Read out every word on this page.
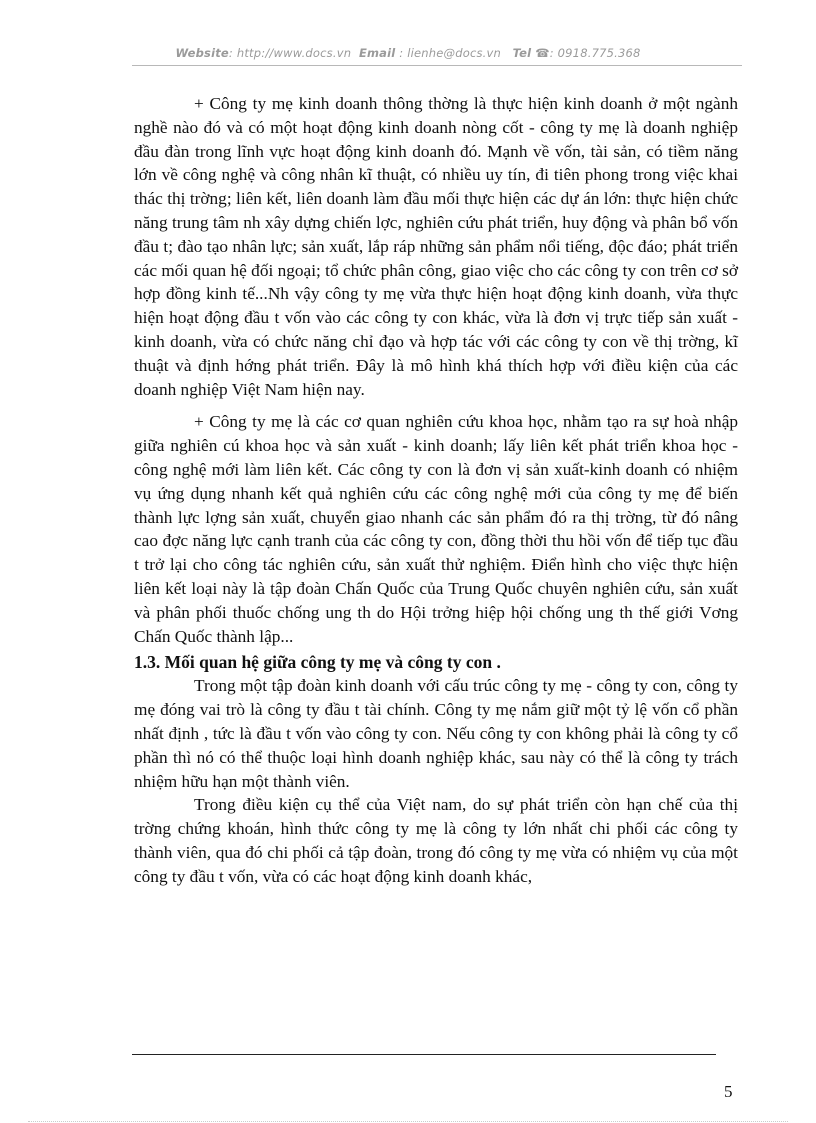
Website: http://www.docs.vn Email : lienhe@docs.vn Tel ☎: 0918.775.368

+ Công ty mẹ kinh doanh thông thờng là thực hiện kinh doanh ở một ngành nghề nào đó và có một hoạt động kinh doanh nòng cốt - công ty mẹ là doanh nghiệp đầu đàn trong lĩnh vực hoạt động kinh doanh đó. Mạnh về vốn, tài sản, có tiềm năng lớn về công nghệ và công nhân kĩ thuật, có nhiều uy tín, đi tiên phong trong việc khai thác thị trờng; liên kết, liên doanh làm đầu mối thực hiện các dự án lớn: thực hiện chức năng trung tâm nh xây dựng chiến lợc, nghiên cứu phát triển, huy động và phân bổ vốn đầu t; đào tạo nhân lực; sản xuất, lắp ráp những sản phẩm nổi tiếng, độc đáo; phát triển các mối quan hệ đối ngoại; tổ chức phân công, giao việc cho các công ty con trên cơ sở hợp đồng kinh tế...Nh vậy công ty mẹ vừa thực hiện hoạt động kinh doanh, vừa thực hiện hoạt động đầu t vốn vào các công ty con khác, vừa là đơn vị trực tiếp sản xuất - kinh doanh, vừa có chức năng chỉ đạo và hợp tác với các công ty con về thị trờng, kĩ thuật và định hớng phát triển. Đây là mô hình khá thích hợp với điều kiện của các doanh nghiệp Việt Nam hiện nay.

+ Công ty mẹ là các cơ quan nghiên cứu khoa học, nhằm tạo ra sự hoà nhập giữa nghiên cú khoa học và sản xuất - kinh doanh; lấy liên kết phát triển khoa học - công nghệ mới làm liên kết. Các công ty con là đơn vị sản xuất-kinh doanh có nhiệm vụ ứng dụng nhanh kết quả nghiên cứu các công nghệ mới của công ty mẹ để biến thành lực lợng sản xuất, chuyển giao nhanh các sản phẩm đó ra thị trờng, từ đó nâng cao đợc năng lực cạnh tranh của các công ty con, đồng thời thu hồi vốn để tiếp tục đầu t trở lại cho công tác nghiên cứu, sản xuất thử nghiệm. Điển hình cho việc thực hiện liên kết loại này là tập đoàn Chấn Quốc của Trung Quốc chuyên nghiên cứu, sản xuất và phân phối thuốc chống ung th do Hội trởng hiệp hội chống ung th thế giới Vơng Chấn Quốc thành lập...

1.3. Mối quan hệ giữa công ty mẹ và công ty con .

Trong một tập đoàn kinh doanh với cấu trúc công ty mẹ - công ty con, công ty mẹ đóng vai trò là công ty đầu t tài chính. Công ty mẹ nắm giữ một tỷ lệ vốn cổ phần nhất định , tức là đầu t vốn vào công ty con. Nếu công ty con không phải là công ty cổ phần thì nó có thể thuộc loại hình doanh nghiệp khác, sau này có thể là công ty trách nhiệm hữu hạn một thành viên.

Trong điều kiện cụ thể của Việt nam, do sự phát triển còn hạn chế của thị trờng chứng khoán, hình thức công ty mẹ là công ty lớn nhất chi phối các công ty thành viên, qua đó chi phối cả tập đoàn, trong đó công ty mẹ vừa có nhiệm vụ của một công ty đầu t vốn, vừa có các hoạt động kinh doanh khác,

5
